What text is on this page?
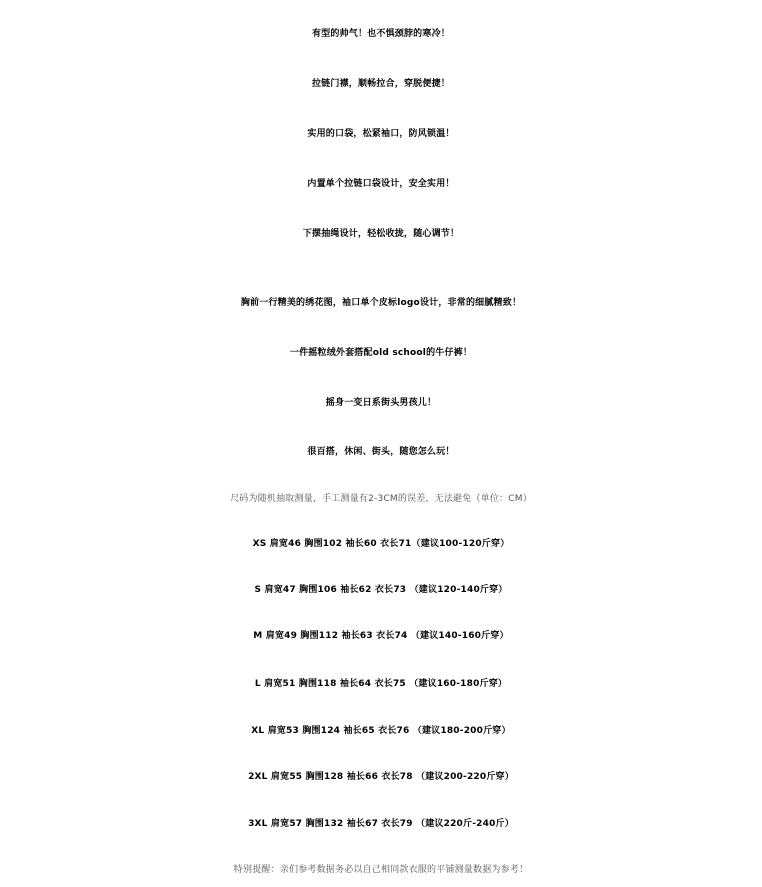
有型的帅气！也不惧颈脖的寒冷！
拉链门襟，顺畅拉合，穿脱便捷！
实用的口袋，松紧袖口，防风锁温！
内置单个拉链口袋设计，安全实用！
下摆抽绳设计，轻松收拢，随心调节！
胸前一行精美的绣花图，袖口单个皮标logo设计，非常的细腻精致！
一件摇粒绒外套搭配old school的牛仔裤！
摇身一变日系街头男孩儿！
很百搭，休闲、街头，随您怎么玩！
尺码为随机抽取测量，手工测量有2-3CM的误差，无法避免（单位：CM）
XS 肩宽46 胸围102 袖长60 衣长71（建议100-120斤穿）
S 肩宽47 胸围106 袖长62 衣长73 （建议120-140斤穿）
M 肩宽49 胸围112 袖长63 衣长74 （建议140-160斤穿）
L 肩宽51 胸围118 袖长64 衣长75 （建议160-180斤穿）
XL 肩宽53 胸围124 袖长65 衣长76 （建议180-200斤穿）
2XL 肩宽55 胸围128 袖长66 衣长78 （建议200-220斤穿）
3XL 肩宽57 胸围132 袖长67 衣长79 （建议220斤-240斤）
特别提醒：亲们参考数据务必以自己相同款衣服的平铺测量数据为参考！
